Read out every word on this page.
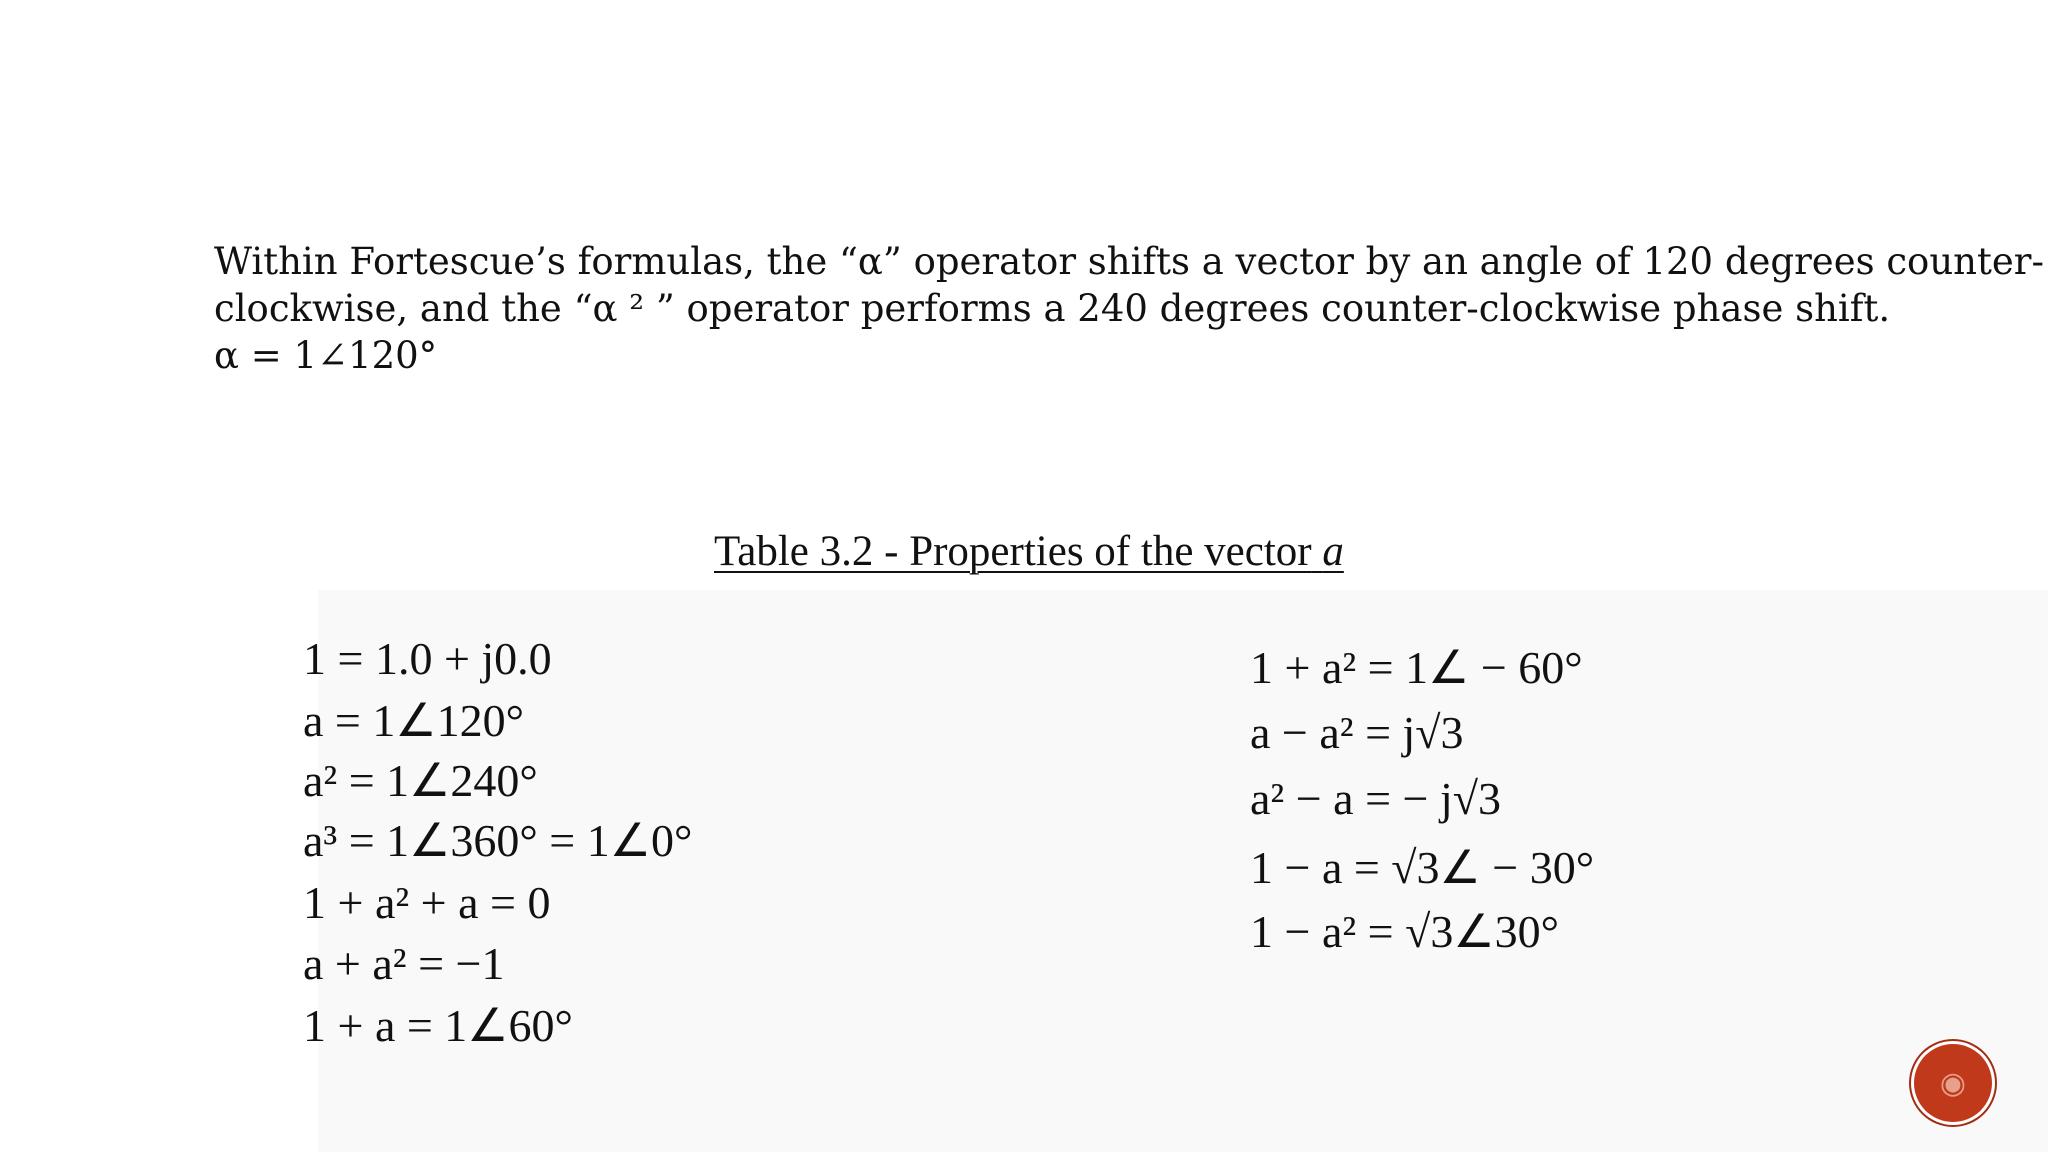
Within Fortescue’s formulas, the “α” operator shifts a vector by an angle of 120 degrees counter-

clockwise, and the “α ² ” operator performs a 240 degrees counter-clockwise phase shift.

α = 1∠120°

Table 3.2 - Properties of the vector a
1 = 1.0 + j0.0
a = 1∠120°
a² = 1∠240°
a³ = 1∠360° = 1∠0°
1 + a² + a = 0
a + a² = −1
1 + a = 1∠60°
1 + a² = 1∠ − 60°
a − a² = j√3
a² − a = − j√3
1 − a = √3∠ − 30°
1 − a² = √3∠30°
◉
